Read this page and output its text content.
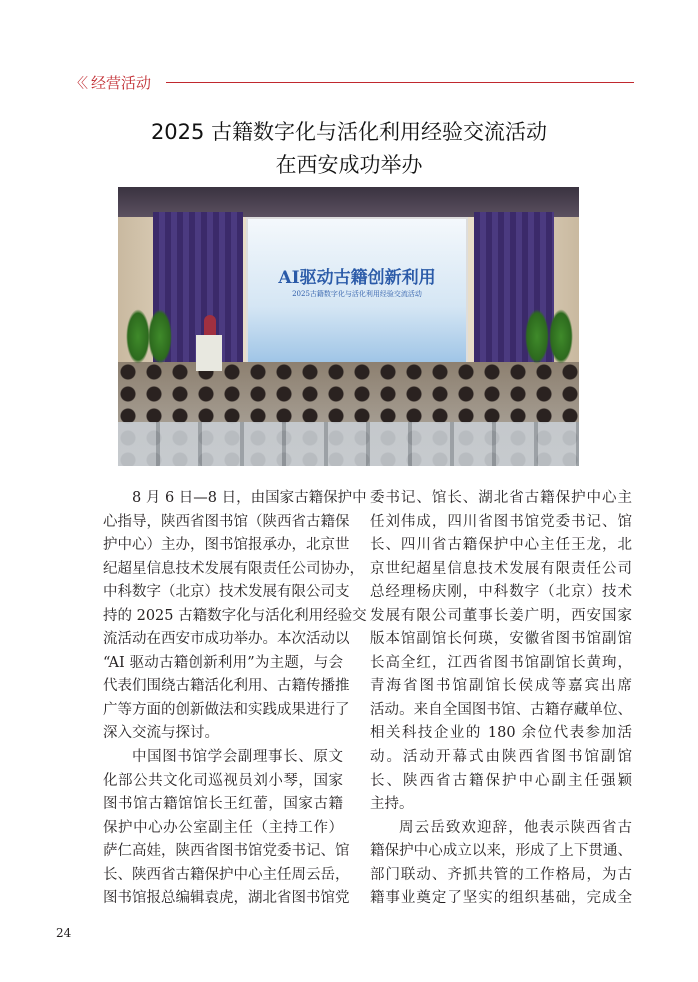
〈〈 经营活动
2025 古籍数字化与活化利用经验交流活动
在西安成功举办
AI驱动古籍创新利用
2025古籍数字化与活化利用经验交流活动
8 月 6 日—8 日，由国家古籍保护中
心指导，陕西省图书馆（陕西省古籍保
护中心）主办，图书馆报承办，北京世
纪超星信息技术发展有限责任公司协办，
中科数字（北京）技术发展有限公司支
持的 2025 古籍数字化与活化利用经验交
流活动在西安市成功举办。本次活动以
“AI 驱动古籍创新利用”为主题，与会
代表们围绕古籍活化利用、古籍传播推
广等方面的创新做法和实践成果进行了
深入交流与探讨。
中国图书馆学会副理事长、原文
化部公共文化司巡视员刘小琴，国家
图书馆古籍馆馆长王红蕾，国家古籍
保护中心办公室副主任（主持工作）
萨仁高娃，陕西省图书馆党委书记、馆
长、陕西省古籍保护中心主任周云岳，
图书馆报总编辑袁虎，湖北省图书馆党
委书记、馆长、湖北省古籍保护中心主
任刘伟成，四川省图书馆党委书记、馆
长、四川省古籍保护中心主任王龙，北
京世纪超星信息技术发展有限责任公司
总经理杨庆刚，中科数字（北京）技术
发展有限公司董事长姜广明，西安国家
版本馆副馆长何瑛，安徽省图书馆副馆
长高全红，江西省图书馆副馆长黄珣，
青海省图书馆副馆长侯成等嘉宾出席
活动。来自全国图书馆、古籍存藏单位、
相关科技企业的 180 余位代表参加活
动。活动开幕式由陕西省图书馆副馆
长、陕西省古籍保护中心副主任强颖
主持。
周云岳致欢迎辞，他表示陕西省古
籍保护中心成立以来，形成了上下贯通、
部门联动、齐抓共管的工作格局，为古
籍事业奠定了坚实的组织基础，完成全
24
